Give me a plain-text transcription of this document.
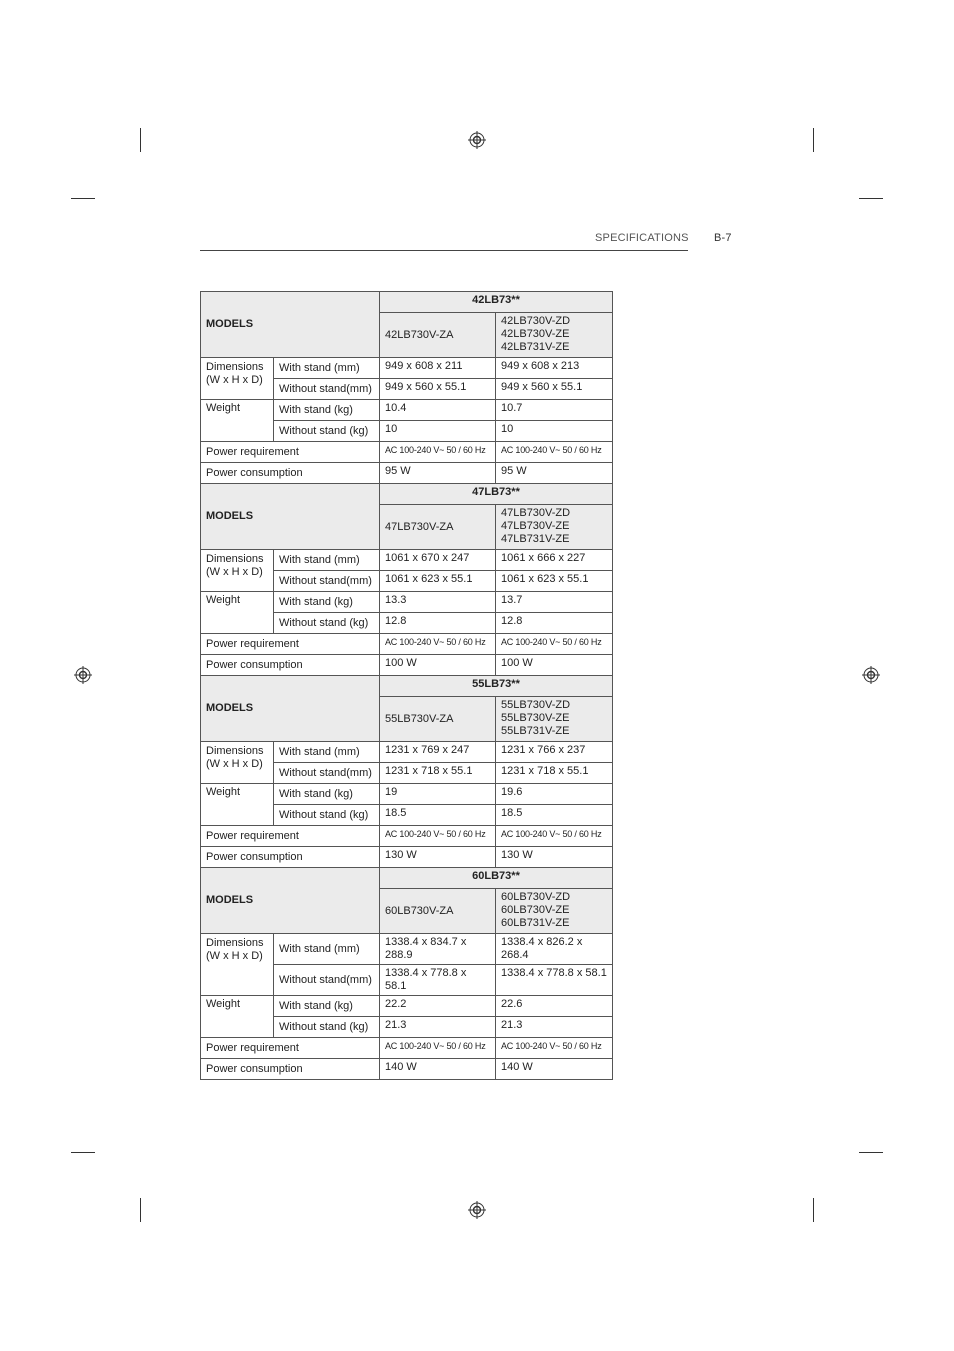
SPECIFICATIONS B-7
MODELS		42LB73**	
		42LB730V-ZA	42LB730V-ZD
42LB730V-ZE
42LB731V-ZE
Dimensions (W x H x D)	With stand (mm)	949 x 608 x 211	949 x 608 x 213
	Without stand(mm)	949 x 560 x 55.1	949 x 560 x 55.1
Weight	With stand (kg)	10.4	10.7
	Without stand (kg)	10	10
Power requirement		AC 100-240 V~ 50 / 60 Hz	AC 100-240 V~ 50 / 60 Hz
Power consumption		95 W	95 W
MODELS		47LB73**	
		47LB730V-ZA	47LB730V-ZD
47LB730V-ZE
47LB731V-ZE
Dimensions (W x H x D)	With stand (mm)	1061 x 670 x 247	1061 x 666 x 227
	Without stand(mm)	1061 x 623 x 55.1	1061 x 623 x 55.1
Weight	With stand (kg)	13.3	13.7
	Without stand (kg)	12.8	12.8
Power requirement		AC 100-240 V~ 50 / 60 Hz	AC 100-240 V~ 50 / 60 Hz
Power consumption		100 W	100 W
MODELS		55LB73**	
		55LB730V-ZA	55LB730V-ZD
55LB730V-ZE
55LB731V-ZE
Dimensions (W x H x D)	With stand (mm)	1231 x 769 x 247	1231 x 766 x 237
	Without stand(mm)	1231 x 718 x 55.1	1231 x 718 x 55.1
Weight	With stand (kg)	19	19.6
	Without stand (kg)	18.5	18.5
Power requirement		AC 100-240 V~ 50 / 60 Hz	AC 100-240 V~ 50 / 60 Hz
Power consumption		130 W	130 W
MODELS		60LB73**	
		60LB730V-ZA	60LB730V-ZD
60LB730V-ZE
60LB731V-ZE
Dimensions (W x H x D)	With stand (mm)	1338.4 x 834.7 x 288.9	1338.4 x 826.2 x 268.4
	Without stand(mm)	1338.4 x 778.8 x 58.1	1338.4 x 778.8 x 58.1
Weight	With stand (kg)	22.2	22.6
	Without stand (kg)	21.3	21.3
Power requirement		AC 100-240 V~ 50 / 60 Hz	AC 100-240 V~ 50 / 60 Hz
Power consumption		140 W	140 W
